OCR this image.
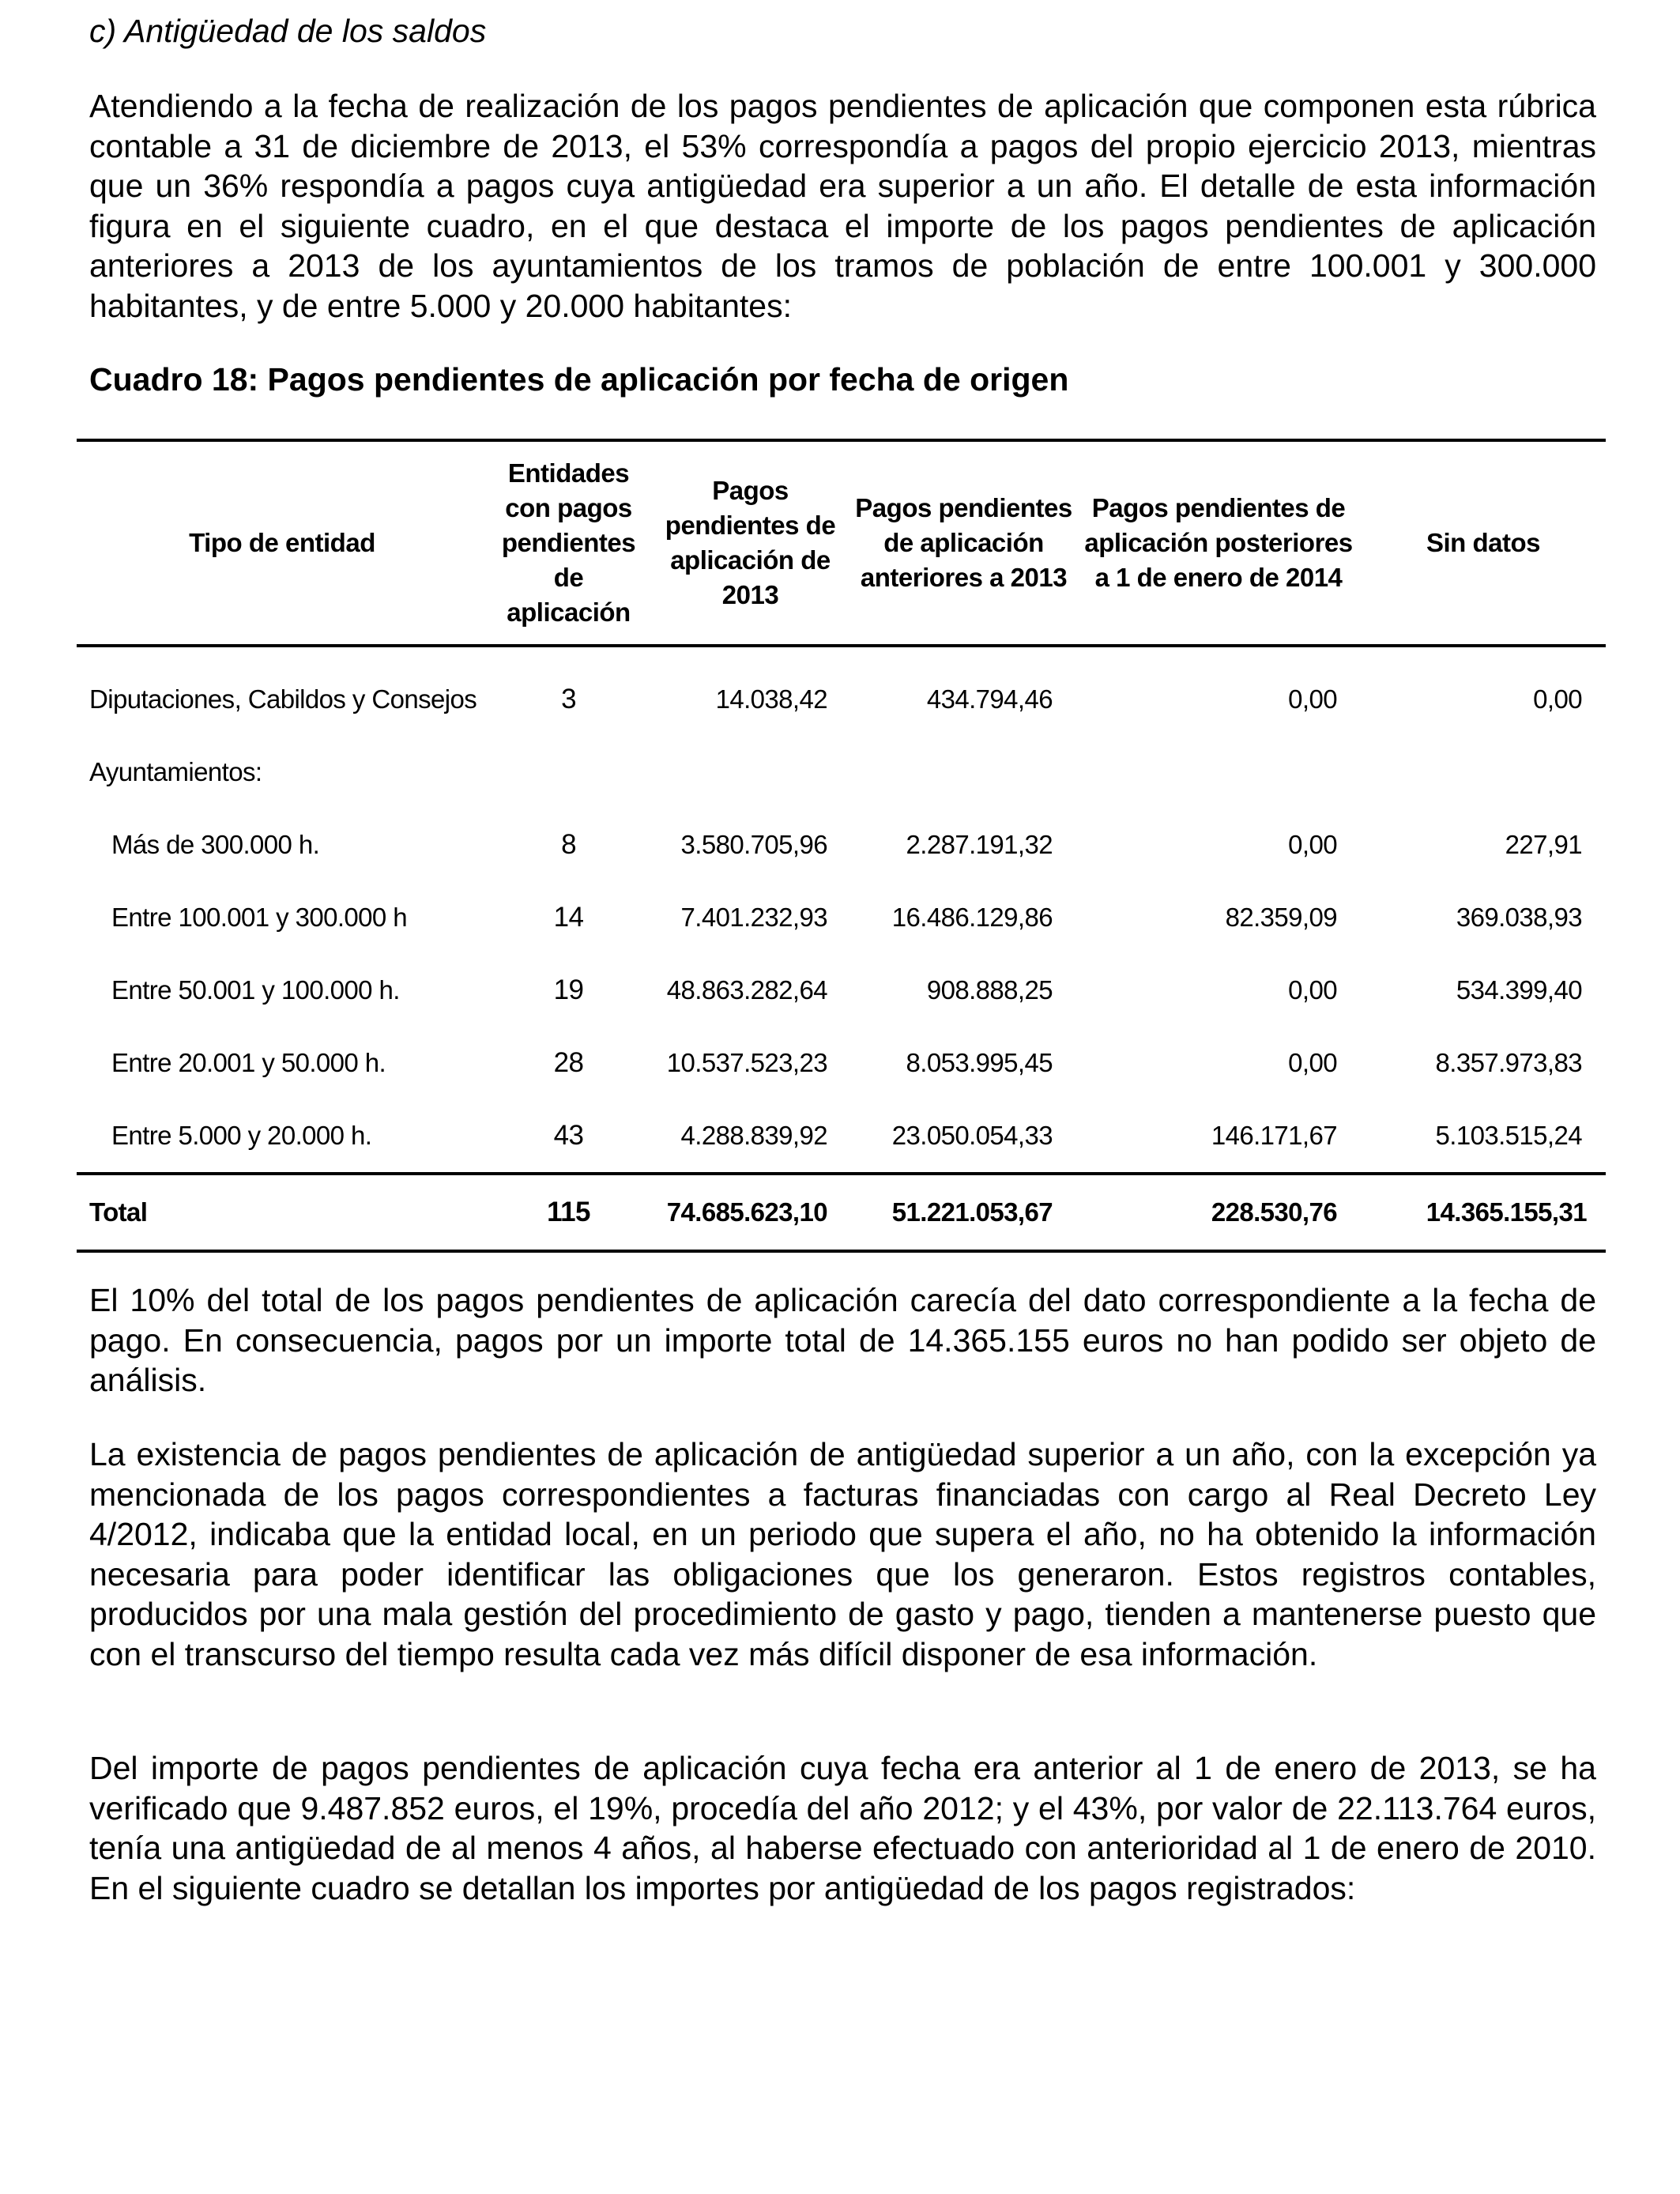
c) Antigüedad de los saldos
Atendiendo a la fecha de realización de los pagos pendientes de aplicación que componen esta rúbrica contable a 31 de diciembre de 2013, el 53% correspondía a pagos del propio ejercicio 2013, mientras que un 36% respondía a pagos cuya antigüedad era superior a un año. El detalle de esta información figura en el siguiente cuadro, en el que destaca el importe de los pagos pendientes de aplicación anteriores a 2013 de los ayuntamientos de los tramos de población de entre 100.001 y 300.000 habitantes, y de entre 5.000 y 20.000 habitantes:
Cuadro 18: Pagos pendientes de aplicación por fecha de origen
Tipo de entidad	Entidades con pagos pendientes de aplicación	Pagos pendientes de aplicación de 2013	Pagos pendientes de aplicación anteriores a 2013	Pagos pendientes de aplicación posteriores a 1 de enero de 2014	Sin datos
Diputaciones, Cabildos y Consejos	3	14.038,42	434.794,46	0,00	0,00
Ayuntamientos:					
Más de 300.000 h.	8	3.580.705,96	2.287.191,32	0,00	227,91
Entre 100.001 y 300.000 h	14	7.401.232,93	16.486.129,86	82.359,09	369.038,93
Entre 50.001 y 100.000 h.	19	48.863.282,64	908.888,25	0,00	534.399,40
Entre 20.001 y 50.000 h.	28	10.537.523,23	8.053.995,45	0,00	8.357.973,83
Entre 5.000 y 20.000 h.	43	4.288.839,92	23.050.054,33	146.171,67	5.103.515,24
Total	115	74.685.623,10	51.221.053,67	228.530,76	14.365.155,31
El 10% del total de los pagos pendientes de aplicación carecía del dato correspondiente a la fecha de pago. En consecuencia, pagos por un importe total de 14.365.155 euros no han podido ser objeto de análisis.
La existencia de pagos pendientes de aplicación de antigüedad superior a un año, con la excepción ya mencionada de los pagos correspondientes a facturas financiadas con cargo al Real Decreto Ley 4/2012, indicaba que la entidad local, en un periodo que supera el año, no ha obtenido la información necesaria para poder identificar las obligaciones que los generaron. Estos registros contables, producidos por una mala gestión del procedimiento de gasto y pago, tienden a mantenerse puesto que con el transcurso del tiempo resulta cada vez más difícil disponer de esa información.
Del importe de pagos pendientes de aplicación cuya fecha era anterior al 1 de enero de 2013, se ha verificado que 9.487.852 euros, el 19%, procedía del año 2012; y el 43%, por valor de 22.113.764 euros, tenía una antigüedad de al menos 4 años, al haberse efectuado con anterioridad al 1 de enero de 2010. En el siguiente cuadro se detallan los importes por antigüedad de los pagos registrados:
